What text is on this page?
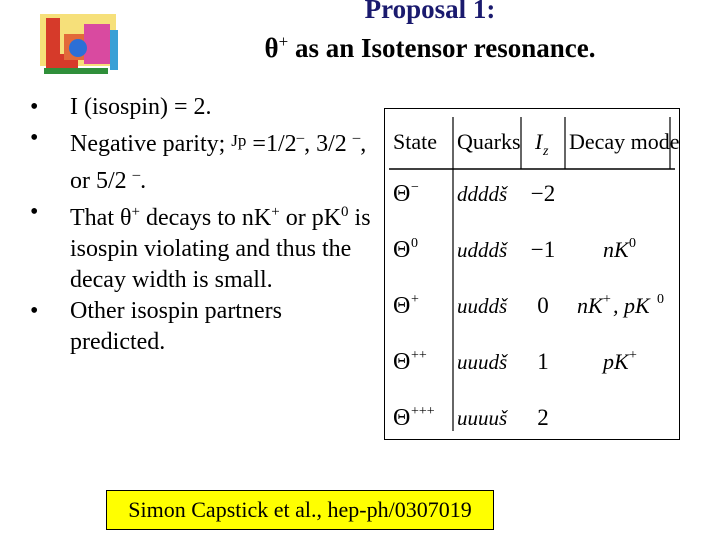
Proposal 1:
θ+ as an Isotensor resonance.
• I (isospin) = 2.
• Negative parity; $^{Jp}$ =1/2–, 3/2 –, or 5/2 –.
• That θ+ decays to nK+ or $pK^0$ is isospin violating and thus the decay width is small.
• Other isospin partners predicted.
State Quarks I z Decay modes
Θ − ddddš −2
Θ 0 udddš −1 nK 0
Θ + uuddš 0 nK + , pK 0
Θ ++ uuudš 1 pK +
Θ +++ uuuuš 2
Simon Capstick et al., hep-ph/0307019
